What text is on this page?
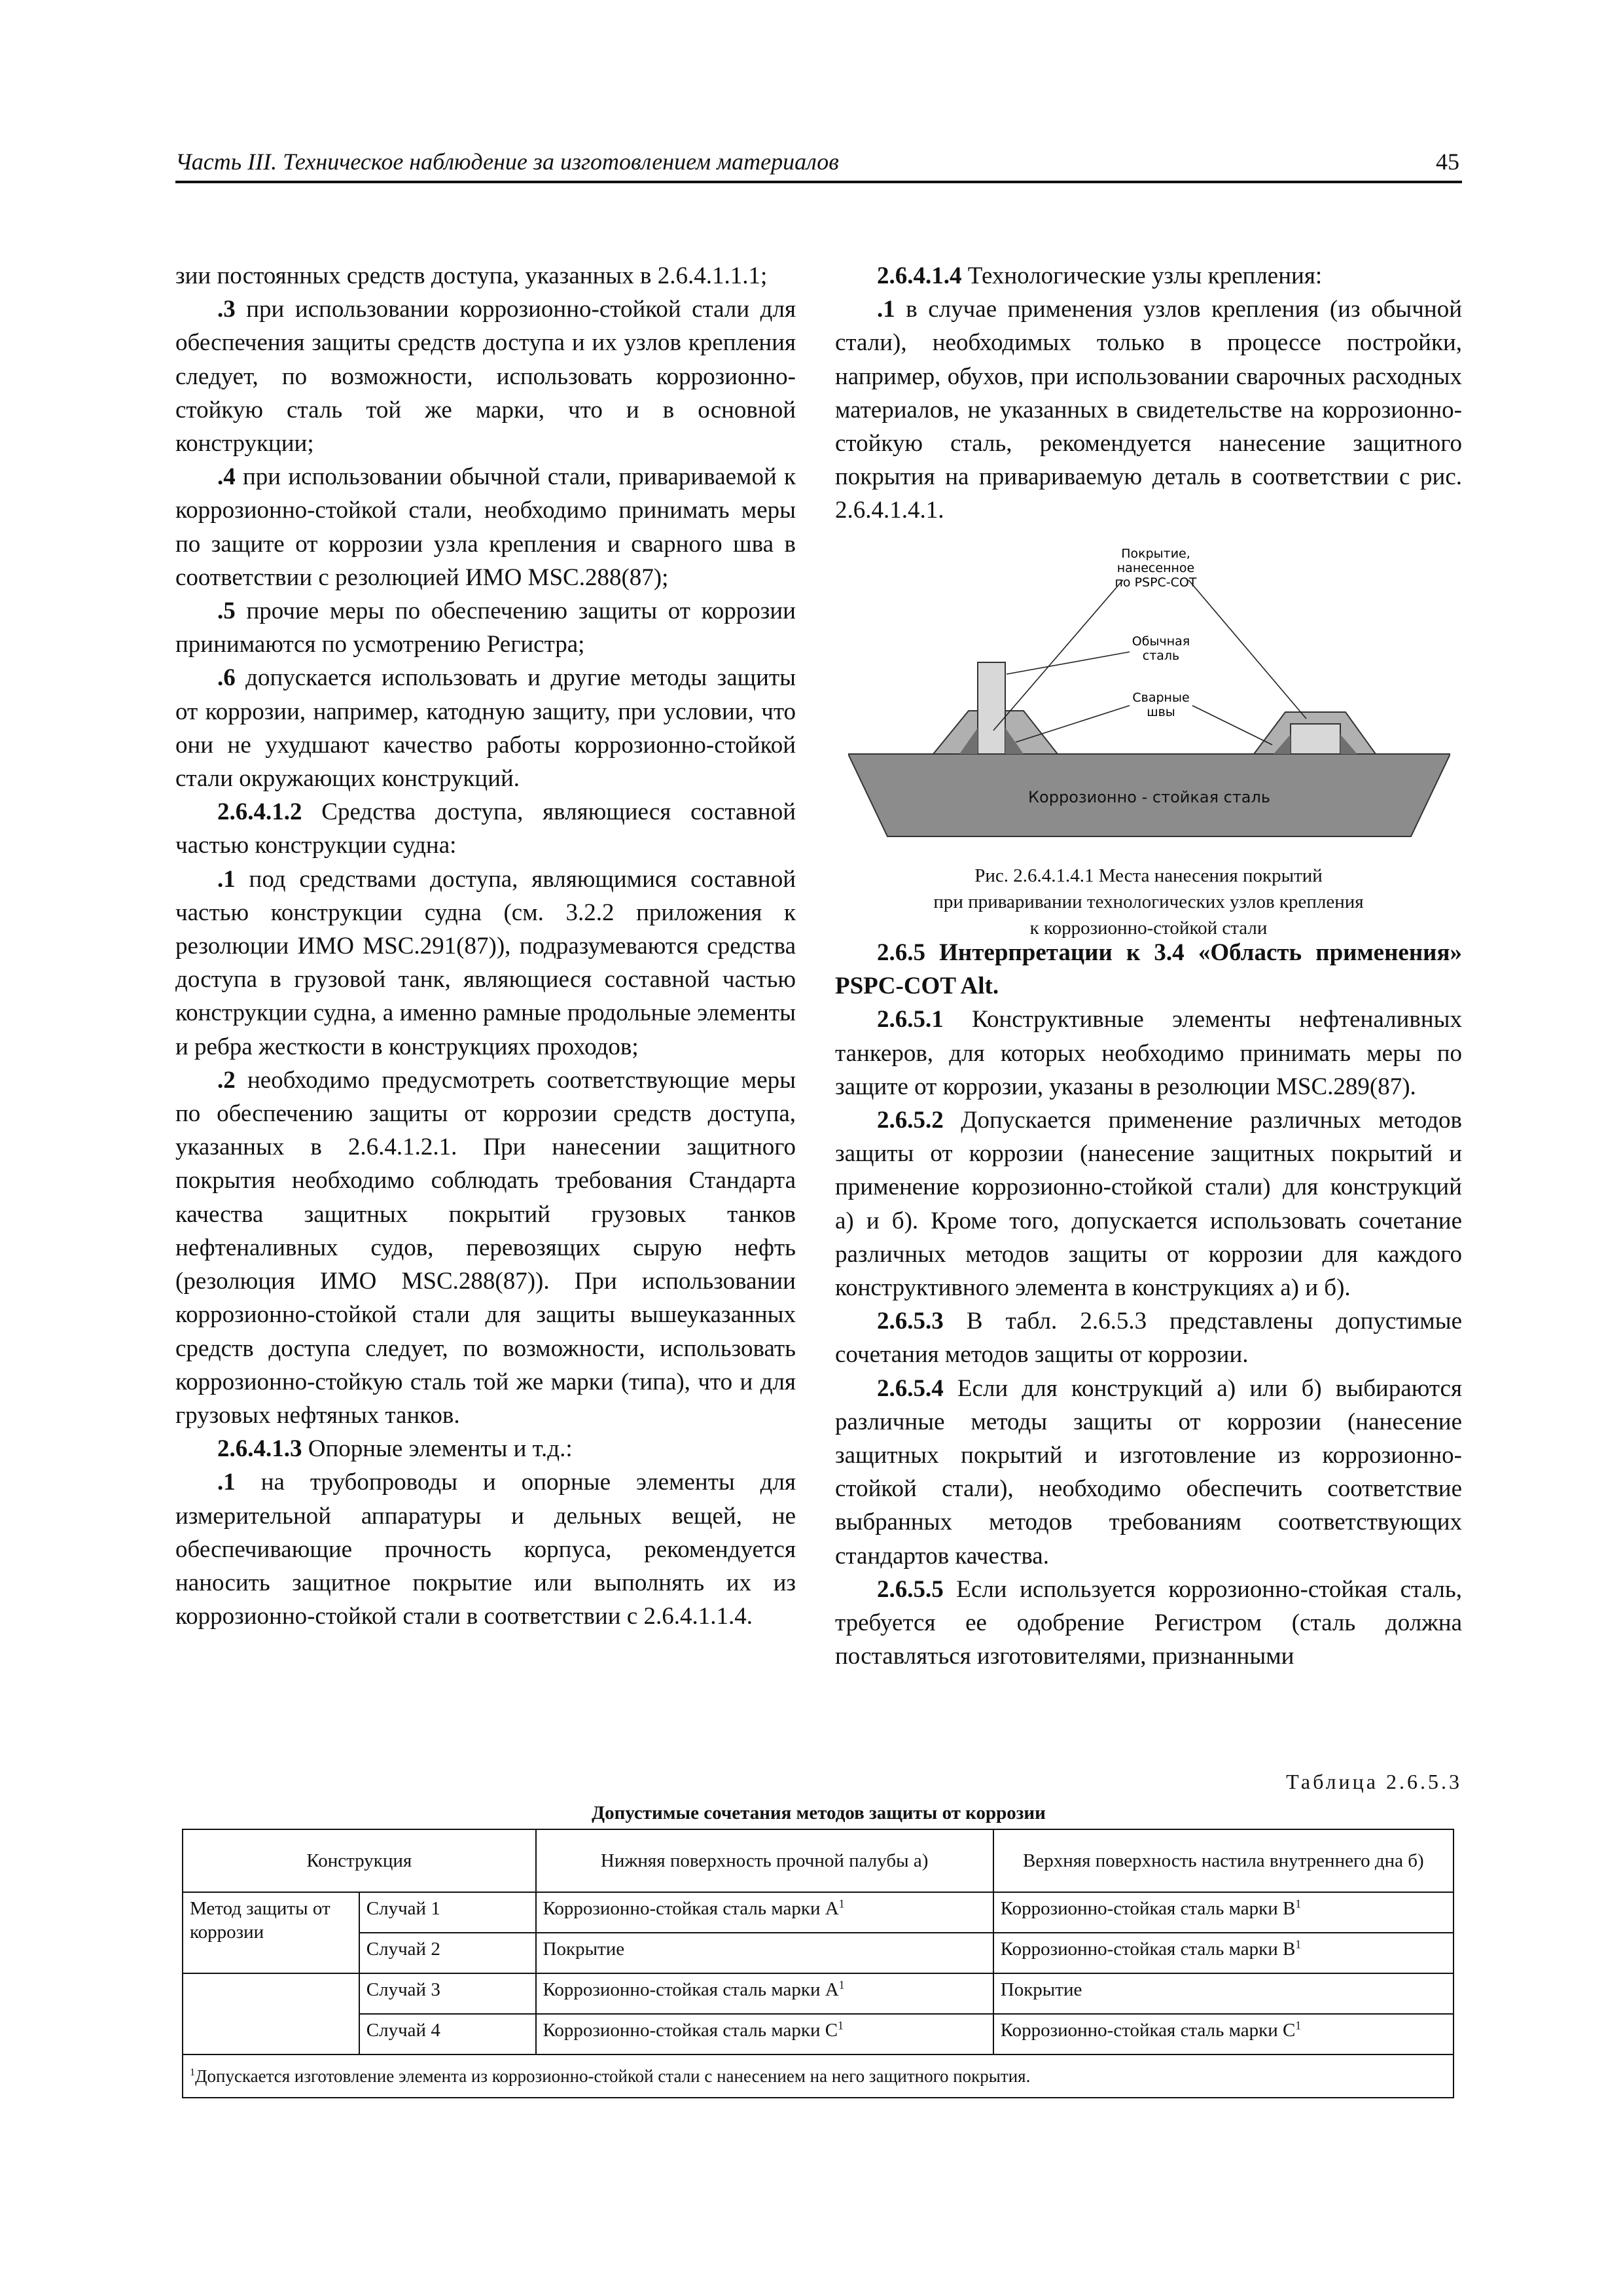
Часть III. Техническое наблюдение за изготовлением материалов	45

зии постоянных средств доступа, указанных в 2.6.4.1.1.1;

.3 при использовании коррозионно-стойкой стали для обеспечения защиты средств доступа и их узлов крепления следует, по возможности, использовать коррозионно-стойкую сталь той же марки, что и в основной конструкции;

.4 при использовании обычной стали, привариваемой к коррозионно-стойкой стали, необходимо принимать меры по защите от коррозии узла крепления и сварного шва в соответствии с резолюцией ИМО MSC.288(87);

.5 прочие меры по обеспечению защиты от коррозии принимаются по усмотрению Регистра;

.6 допускается использовать и другие методы защиты от коррозии, например, катодную защиту, при условии, что они не ухудшают качество работы коррозионно-стойкой стали окружающих конструкций.

2.6.4.1.2 Средства доступа, являющиеся составной частью конструкции судна:

.1 под средствами доступа, являющимися составной частью конструкции судна (см. 3.2.2 приложения к резолюции ИМО MSC.291(87)), подразумеваются средства доступа в грузовой танк, являющиеся составной частью конструкции судна, а именно рамные продольные элементы и ребра жесткости в конструкциях проходов;

.2 необходимо предусмотреть соответствующие меры по обеспечению защиты от коррозии средств доступа, указанных в 2.6.4.1.2.1. При нанесении защитного покрытия необходимо соблюдать требования Стандарта качества защитных покрытий грузовых танков нефтеналивных судов, перевозящих сырую нефть (резолюция ИМО MSC.288(87)). При использовании коррозионно-стойкой стали для защиты вышеуказанных средств доступа следует, по возможности, использовать коррозионно-стойкую сталь той же марки (типа), что и для грузовых нефтяных танков.

2.6.4.1.3 Опорные элементы и т.д.:

.1 на трубопроводы и опорные элементы для измерительной аппаратуры и дельных вещей, не обеспечивающие прочность корпуса, рекомендуется наносить защитное покрытие или выполнять их из коррозионно-стойкой стали в соответствии с 2.6.4.1.1.4.

2.6.4.1.4 Технологические узлы крепления:

.1 в случае применения узлов крепления (из обычной стали), необходимых только в процессе постройки, например, обухов, при использовании сварочных расходных материалов, не указанных в свидетельстве на коррозионно-стойкую сталь, рекомендуется нанесение защитного покрытия на привариваемую деталь в соответствии с рис. 2.6.4.1.4.1.

Коррозионно - стойкая сталь
Покрытие,
нанесенное
по PSPC-COT
Обычная
сталь
Сварные
швы
Рис. 2.6.4.1.4.1 Места нанесения покрытий
при приваривании технологических узлов крепления
к коррозионно-стойкой стали

2.6.5 Интерпретации к 3.4 «Область применения» PSPC-COT Alt.

2.6.5.1 Конструктивные элементы нефтеналивных танкеров, для которых необходимо принимать меры по защите от коррозии, указаны в резолюции MSC.289(87).

2.6.5.2 Допускается применение различных методов защиты от коррозии (нанесение защитных покрытий и применение коррозионно-стойкой стали) для конструкций а) и б). Кроме того, допускается использовать сочетание различных методов защиты от коррозии для каждого конструктивного элемента в конструкциях а) и б).

2.6.5.3 В табл. 2.6.5.3 представлены допустимые сочетания методов защиты от коррозии.

2.6.5.4 Если для конструкций а) или б) выбираются различные методы защиты от коррозии (нанесение защитных покрытий и изготовление из коррозионно-стойкой стали), необходимо обеспечить соответствие выбранных методов требованиям соответствующих стандартов качества.

2.6.5.5 Если используется коррозионно-стойкая сталь, требуется ее одобрение Регистром (сталь должна поставляться изготовителями, признанными

Таблица 2.6.5.3
Допустимые сочетания методов защиты от коррозии
Конструкция		Нижняя поверхность прочной палубы а)	Верхняя поверхность настила внутреннего дна б)
Метод защиты от коррозии	Случай 1	Коррозионно-стойкая сталь марки $A^1$	Коррозионно-стойкая сталь марки $B^1$
	Случай 2	Покрытие	Коррозионно-стойкая сталь марки $B^1$
	Случай 3	Коррозионно-стойкая сталь марки $A^1$	Покрытие
	Случай 4	Коррозионно-стойкая сталь марки $C^1$	Коррозионно-стойкая сталь марки $C^1$
$^1$Допускается изготовление элемента из коррозионно-стойкой стали с нанесением на него защитного покрытия.			
